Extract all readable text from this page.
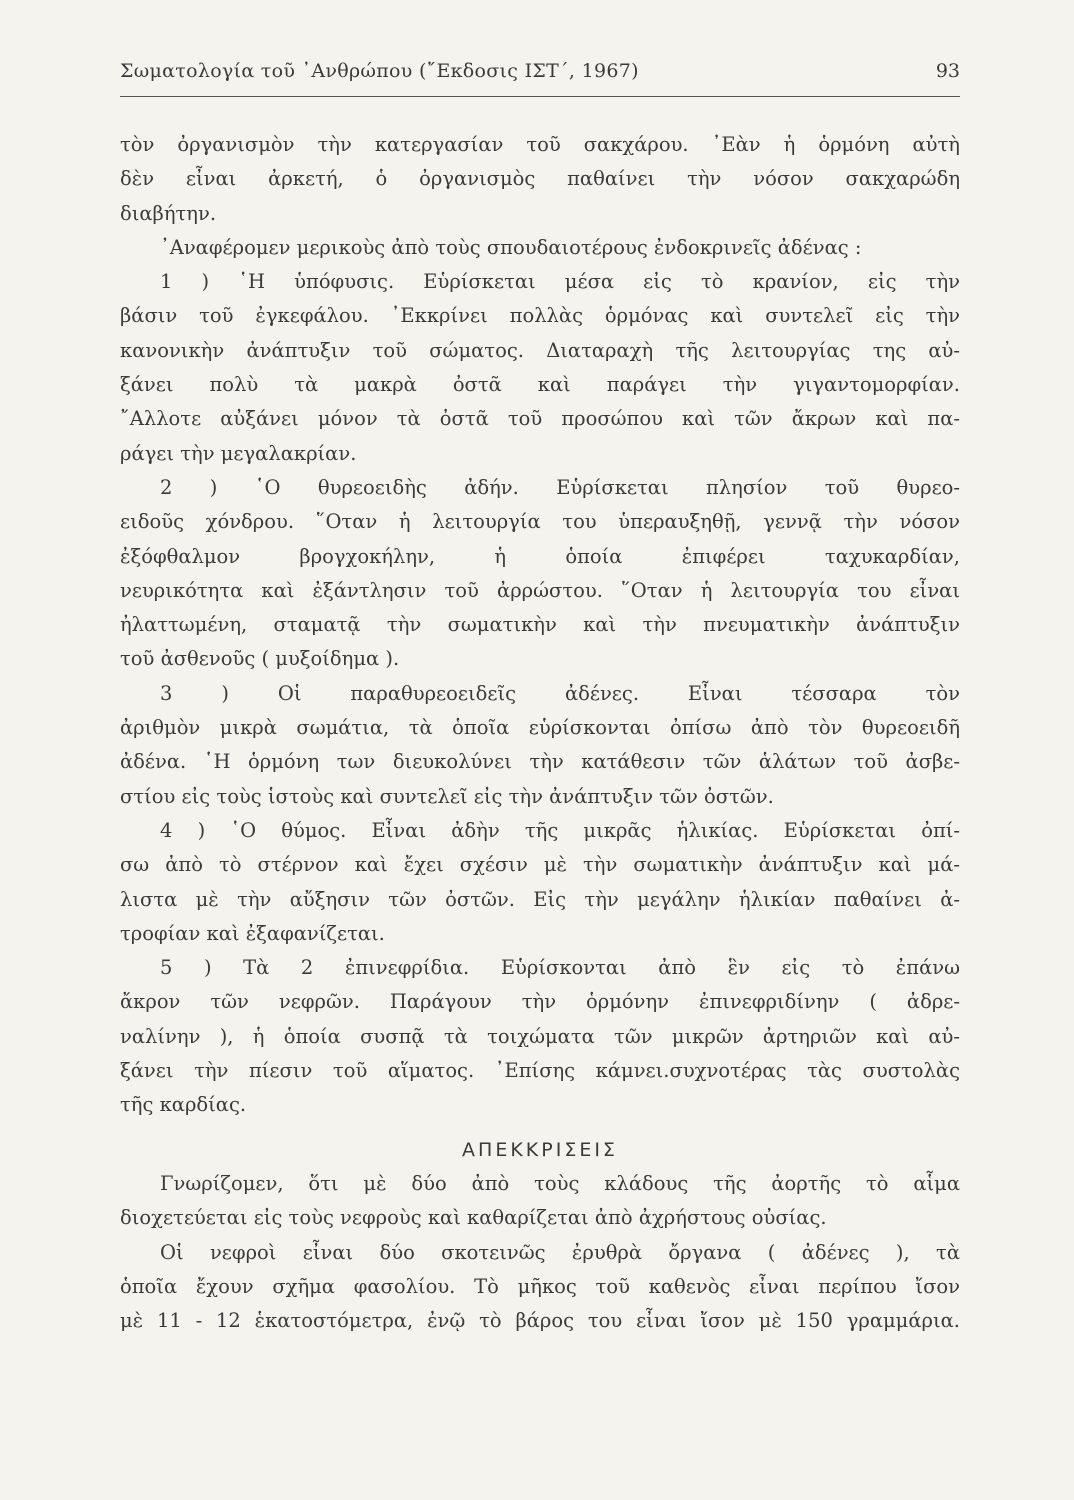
Σωματολογία τοῦ ᾿Ανθρώπου (῎Εκδοσις ΙΣΤ΄, 1967)	93
τὸν ὀργανισμὸν τὴν κατεργασίαν τοῦ σακχάρου. ᾿Εὰν ἡ ὁρμόνη αὐτὴ
δὲν εἶναι ἀρκετή, ὁ ὀργανισμὸς παθαίνει τὴν νόσον σακχαρώδη
διαβήτην.
᾿Αναφέρομεν μερικοὺς ἀπὸ τοὺς σπουδαιοτέρους ἐνδοκρινεῖς ἀδένας :
1 ) ῾Η ὑπόφυσις. Εὑρίσκεται μέσα εἰς τὸ κρανίον, εἰς τὴν
βάσιν τοῦ ἐγκεφάλου. ᾿Εκκρίνει πολλὰς ὁρμόνας καὶ συντελεῖ εἰς τὴν
κανονικὴν ἀνάπτυξιν τοῦ σώματος. Διαταραχὴ τῆς λειτουργίας της αὐ-
ξάνει πολὺ τὰ μακρὰ ὀστᾶ καὶ παράγει τὴν γιγαντομορφίαν.
῎Αλλοτε αὐξάνει μόνον τὰ ὀστᾶ τοῦ προσώπου καὶ τῶν ἄκρων καὶ πα-
ράγει τὴν μεγαλακρίαν.
2 ) ῾Ο θυρεοειδὴς ἀδήν. Εὑρίσκεται πλησίον τοῦ θυρεο-
ειδοῦς χόνδρου. ῞Οταν ἡ λειτουργία του ὑπεραυξηθῇ, γεννᾷ τὴν νόσον
ἐξόφθαλμον βρογχοκήλην, ἡ ὁποία ἐπιφέρει ταχυκαρδίαν,
νευρικότητα καὶ ἐξάντλησιν τοῦ ἀρρώστου. ῞Οταν ἡ λειτουργία του εἶναι
ἠλαττωμένη, σταματᾷ τὴν σωματικὴν καὶ τὴν πνευματικὴν ἀνάπτυξιν
τοῦ ἀσθενοῦς ( μυξοίδημα ).
3 ) Οἱ παραθυρεοειδεῖς ἀδένες. Εἶναι τέσσαρα τὸν
ἀριθμὸν μικρὰ σωμάτια, τὰ ὁποῖα εὑρίσκονται ὀπίσω ἀπὸ τὸν θυρεοειδῆ
ἀδένα. ῾Η ὁρμόνη των διευκολύνει τὴν κατάθεσιν τῶν ἁλάτων τοῦ ἀσβε-
στίου εἰς τοὺς ἱστοὺς καὶ συντελεῖ εἰς τὴν ἀνάπτυξιν τῶν ὀστῶν.
4 ) ῾Ο θύμος. Εἶναι ἀδὴν τῆς μικρᾶς ἡλικίας. Εὑρίσκεται ὀπί-
σω ἀπὸ τὸ στέρνον καὶ ἔχει σχέσιν μὲ τὴν σωματικὴν ἀνάπτυξιν καὶ μά-
λιστα μὲ τὴν αὔξησιν τῶν ὀστῶν. Εἰς τὴν μεγάλην ἡλικίαν παθαίνει ἀ-
τροφίαν καὶ ἐξαφανίζεται.
5 ) Τὰ 2 ἐπινεφρίδια. Εὑρίσκονται ἀπὸ ἓν εἰς τὸ ἐπάνω
ἄκρον τῶν νεφρῶν. Παράγουν τὴν ὁρμόνην ἐπινεφριδίνην ( ἀδρε-
ναλίνην ), ἡ ὁποία συσπᾷ τὰ τοιχώματα τῶν μικρῶν ἀρτηριῶν καὶ αὐ-
ξάνει τὴν πίεσιν τοῦ αἵματος. ᾿Επίσης κάμνει.συχνοτέρας τὰς συστολὰς
τῆς καρδίας.
ΑΠΕΚΚΡΙΣΕΙΣ
Γνωρίζομεν, ὅτι μὲ δύο ἀπὸ τοὺς κλάδους τῆς ἀορτῆς τὸ αἷμα
διοχετεύεται εἰς τοὺς νεφροὺς καὶ καθαρίζεται ἀπὸ ἀχρήστους οὐσίας.
Οἱ νεφροὶ εἶναι δύο σκοτεινῶς ἐρυθρὰ ὄργανα ( ἀδένες ), τὰ
ὁποῖα ἔχουν σχῆμα φασολίου. Τὸ μῆκος τοῦ καθενὸς εἶναι περίπου ἴσον
μὲ 11 - 12 ἑκατοστόμετρα, ἐνῷ τὸ βάρος του εἶναι ἴσον μὲ 150 γραμμάρια.
